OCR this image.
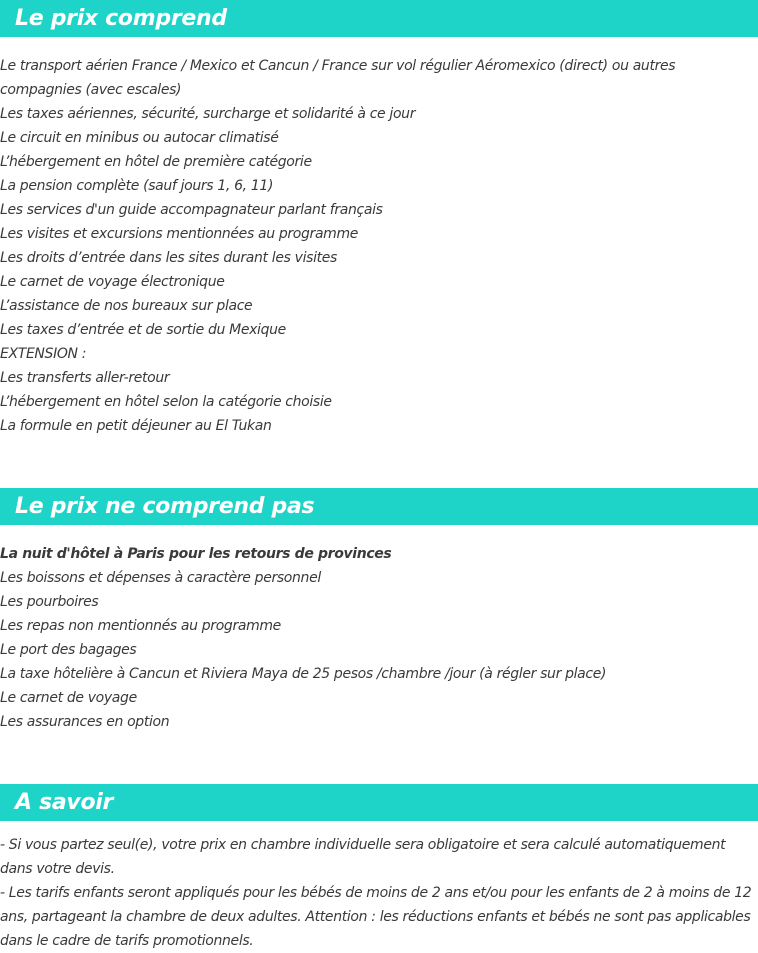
Le prix comprend
Le transport aérien France / Mexico et Cancun / France sur vol régulier Aéromexico (direct) ou autres compagnies (avec escales)
Les taxes aériennes, sécurité, surcharge et solidarité à ce jour
Le circuit en minibus ou autocar climatisé
L’hébergement en hôtel de première catégorie
La pension complète (sauf jours 1, 6, 11)
Les services d'un guide accompagnateur parlant français
Les visites et excursions mentionnées au programme
Les droits d’entrée dans les sites durant les visites
Le carnet de voyage électronique
L’assistance de nos bureaux sur place
Les taxes d’entrée et de sortie du Mexique
EXTENSION :
Les transferts aller-retour
L’hébergement en hôtel selon la catégorie choisie
La formule en petit déjeuner au El Tukan
Le prix ne comprend pas
La nuit d'hôtel à Paris pour les retours de provinces
Les boissons et dépenses à caractère personnel
Les pourboires
Les repas non mentionnés au programme
Le port des bagages
La taxe hôtelière à Cancun et Riviera Maya de 25 pesos /chambre /jour (à régler sur place)
Le carnet de voyage
Les assurances en option
A savoir
- Si vous partez seul(e), votre prix en chambre individuelle sera obligatoire et sera calculé automatiquement dans votre devis.
- Les tarifs enfants seront appliqués pour les bébés de moins de 2 ans et/ou pour les enfants de 2 à moins de 12 ans, partageant la chambre de deux adultes. Attention : les réductions enfants et bébés ne sont pas applicables dans le cadre de tarifs promotionnels.
